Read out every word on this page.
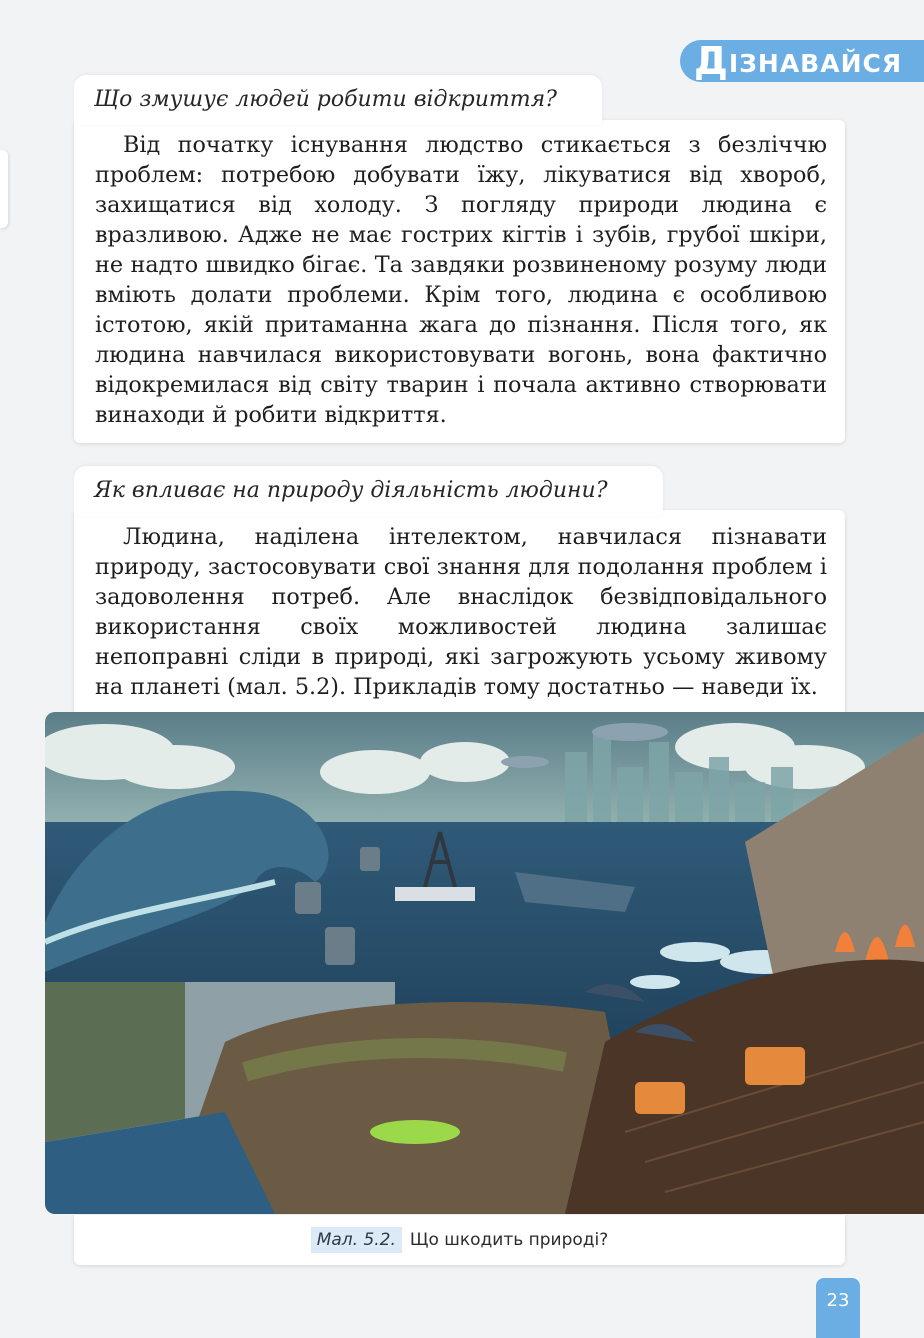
Д ІЗНАВАЙСЯ
Що змушує людей робити відкриття?

Від початку існування людство стикається з безліччю проблем: потребою добувати їжу, лікуватися від хвороб, захищатися від холоду. З погляду природи людина є вразливою. Адже не має гострих кігтів і зубів, грубої шкіри, не надто швидко бігає. Та завдяки розвиненому розуму люди вміють долати проблеми. Крім того, людина є особливою істотою, якій притаманна жага до пізнання. Після того, як людина навчилася використовувати вогонь, вона фактично відокремилася від світу тварин і почала активно створювати винаходи й робити відкриття.

Як впливає на природу діяльність людини?

Людина, наділена інтелектом, навчилася пізнавати природу, застосовувати свої знання для подолання проблем і задоволення потреб. Але внаслідок безвідповідального використання своїх можливостей людина залишає непоправні сліди в природі, які загрожують усьому живому на планеті (мал. 5.2). Прикладів тому достатньо — наведи їх.

Мал. 5.2. Що шкодить природі?
23
